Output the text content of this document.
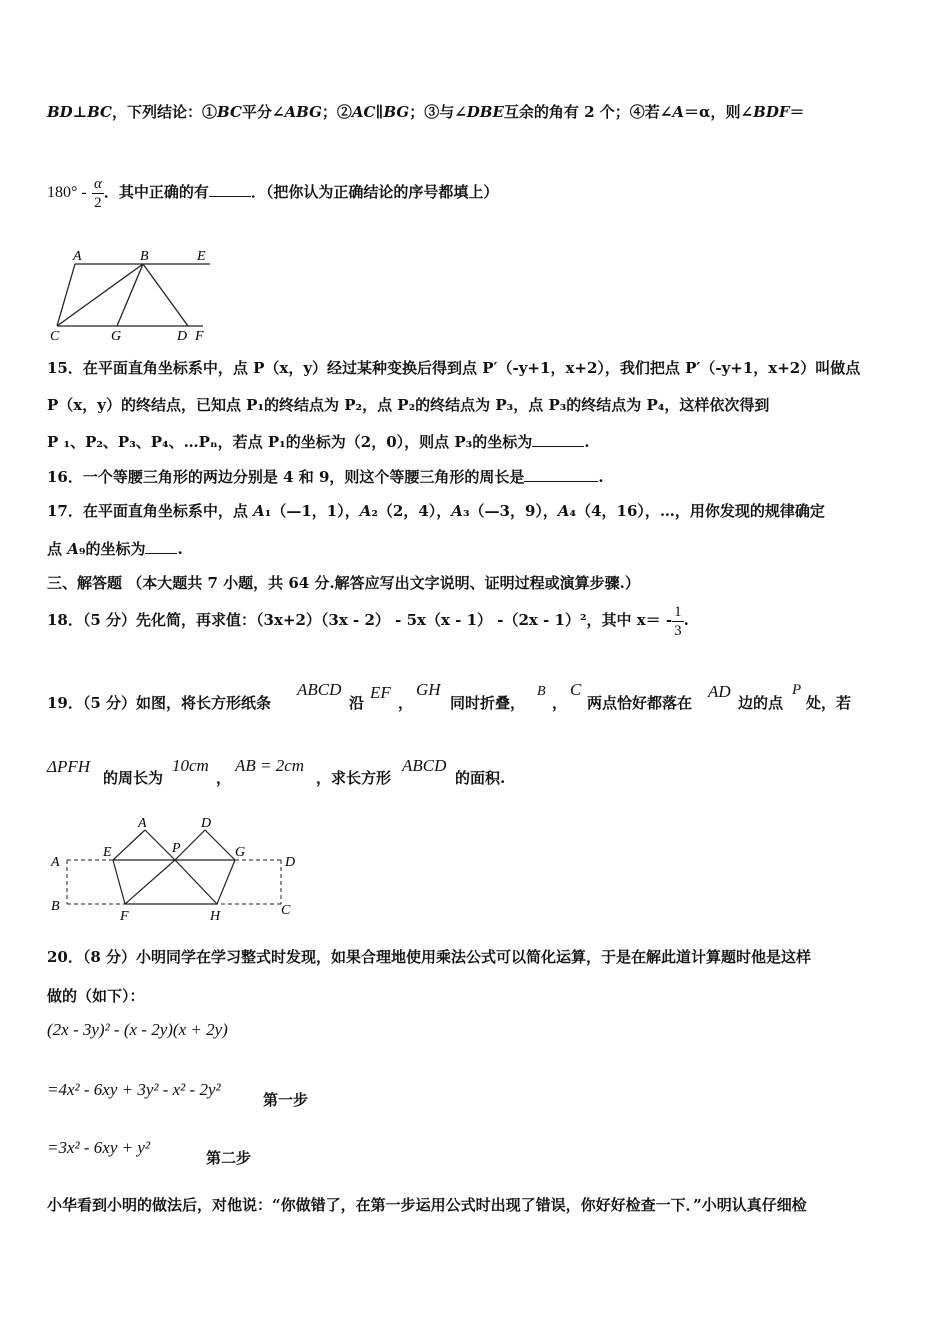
BD⊥BC，下列结论：①BC平分∠ABG；②AC∥BG；③与∠DBE互余的角有 2 个；④若∠A＝α，则∠BDF＝
$180^\circ - \frac{\alpha}{2}$ ．其中正确的有	．（把你认为正确结论的序号都填上）
A	B	E
C	G	D F
15．在平面直角坐标系中，点 P（x，y）经过某种变换后得到点 P′（-y+1，x+2），我们把点 P′（-y+1，x+2）叫做点
P（x，y）的终结点，已知点 P₁的终结点为 P₂，点 P₂的终结点为 P₃，点 P₃的终结点为 P₄，这样依次得到
P ₁、P₂、P₃、P₄、…Pₙ，若点 P₁的坐标为（2，0），则点 P₃的坐标为	.
16．一个等腰三角形的两边分别是 4 和 9，则这个等腰三角形的周长是	.
17．在平面直角坐标系中，点 A₁（—1，1），A₂（2，4），A₃（—3，9），A₄（4，16），…，用你发现的规律确定
点 A₉的坐标为 .
三、解答题 （本大题共 7 小题，共 64 分.解答应写出文字说明、证明过程或演算步骤.）
18．（5 分）先化简，再求值：（3x+2）（3x - 2） - 5x（x - 1） -（2x - 1）²，其中 $x= - \frac{1}{3}$ .
19．（5 分）如图，将长方形纸条
ABCD
沿
EF
，
GH
同时折叠，
B
，
C
两点恰好都落在
AD
边的点
P
处，若
ΔPFH
的周长为
10cm
，
AB = 2cm
，求长方形
ABCD
的面积.
A	D
A
E	P	G
D
B
F	H	C
20．（8 分）小明同学在学习整式时发现，如果合理地使用乘法公式可以简化运算，于是在解此道计算题时他是这样
做的（如下）：
(2x - 3y)² - (x - 2y)(x + 2y)
=4x² - 6xy + 3y² - x² - 2y²
第一步
=3x² - 6xy + y²
第二步
小华看到小明的做法后，对他说：“你做错了，在第一步运用公式时出现了错误，你好好检查一下．”小明认真仔细检
